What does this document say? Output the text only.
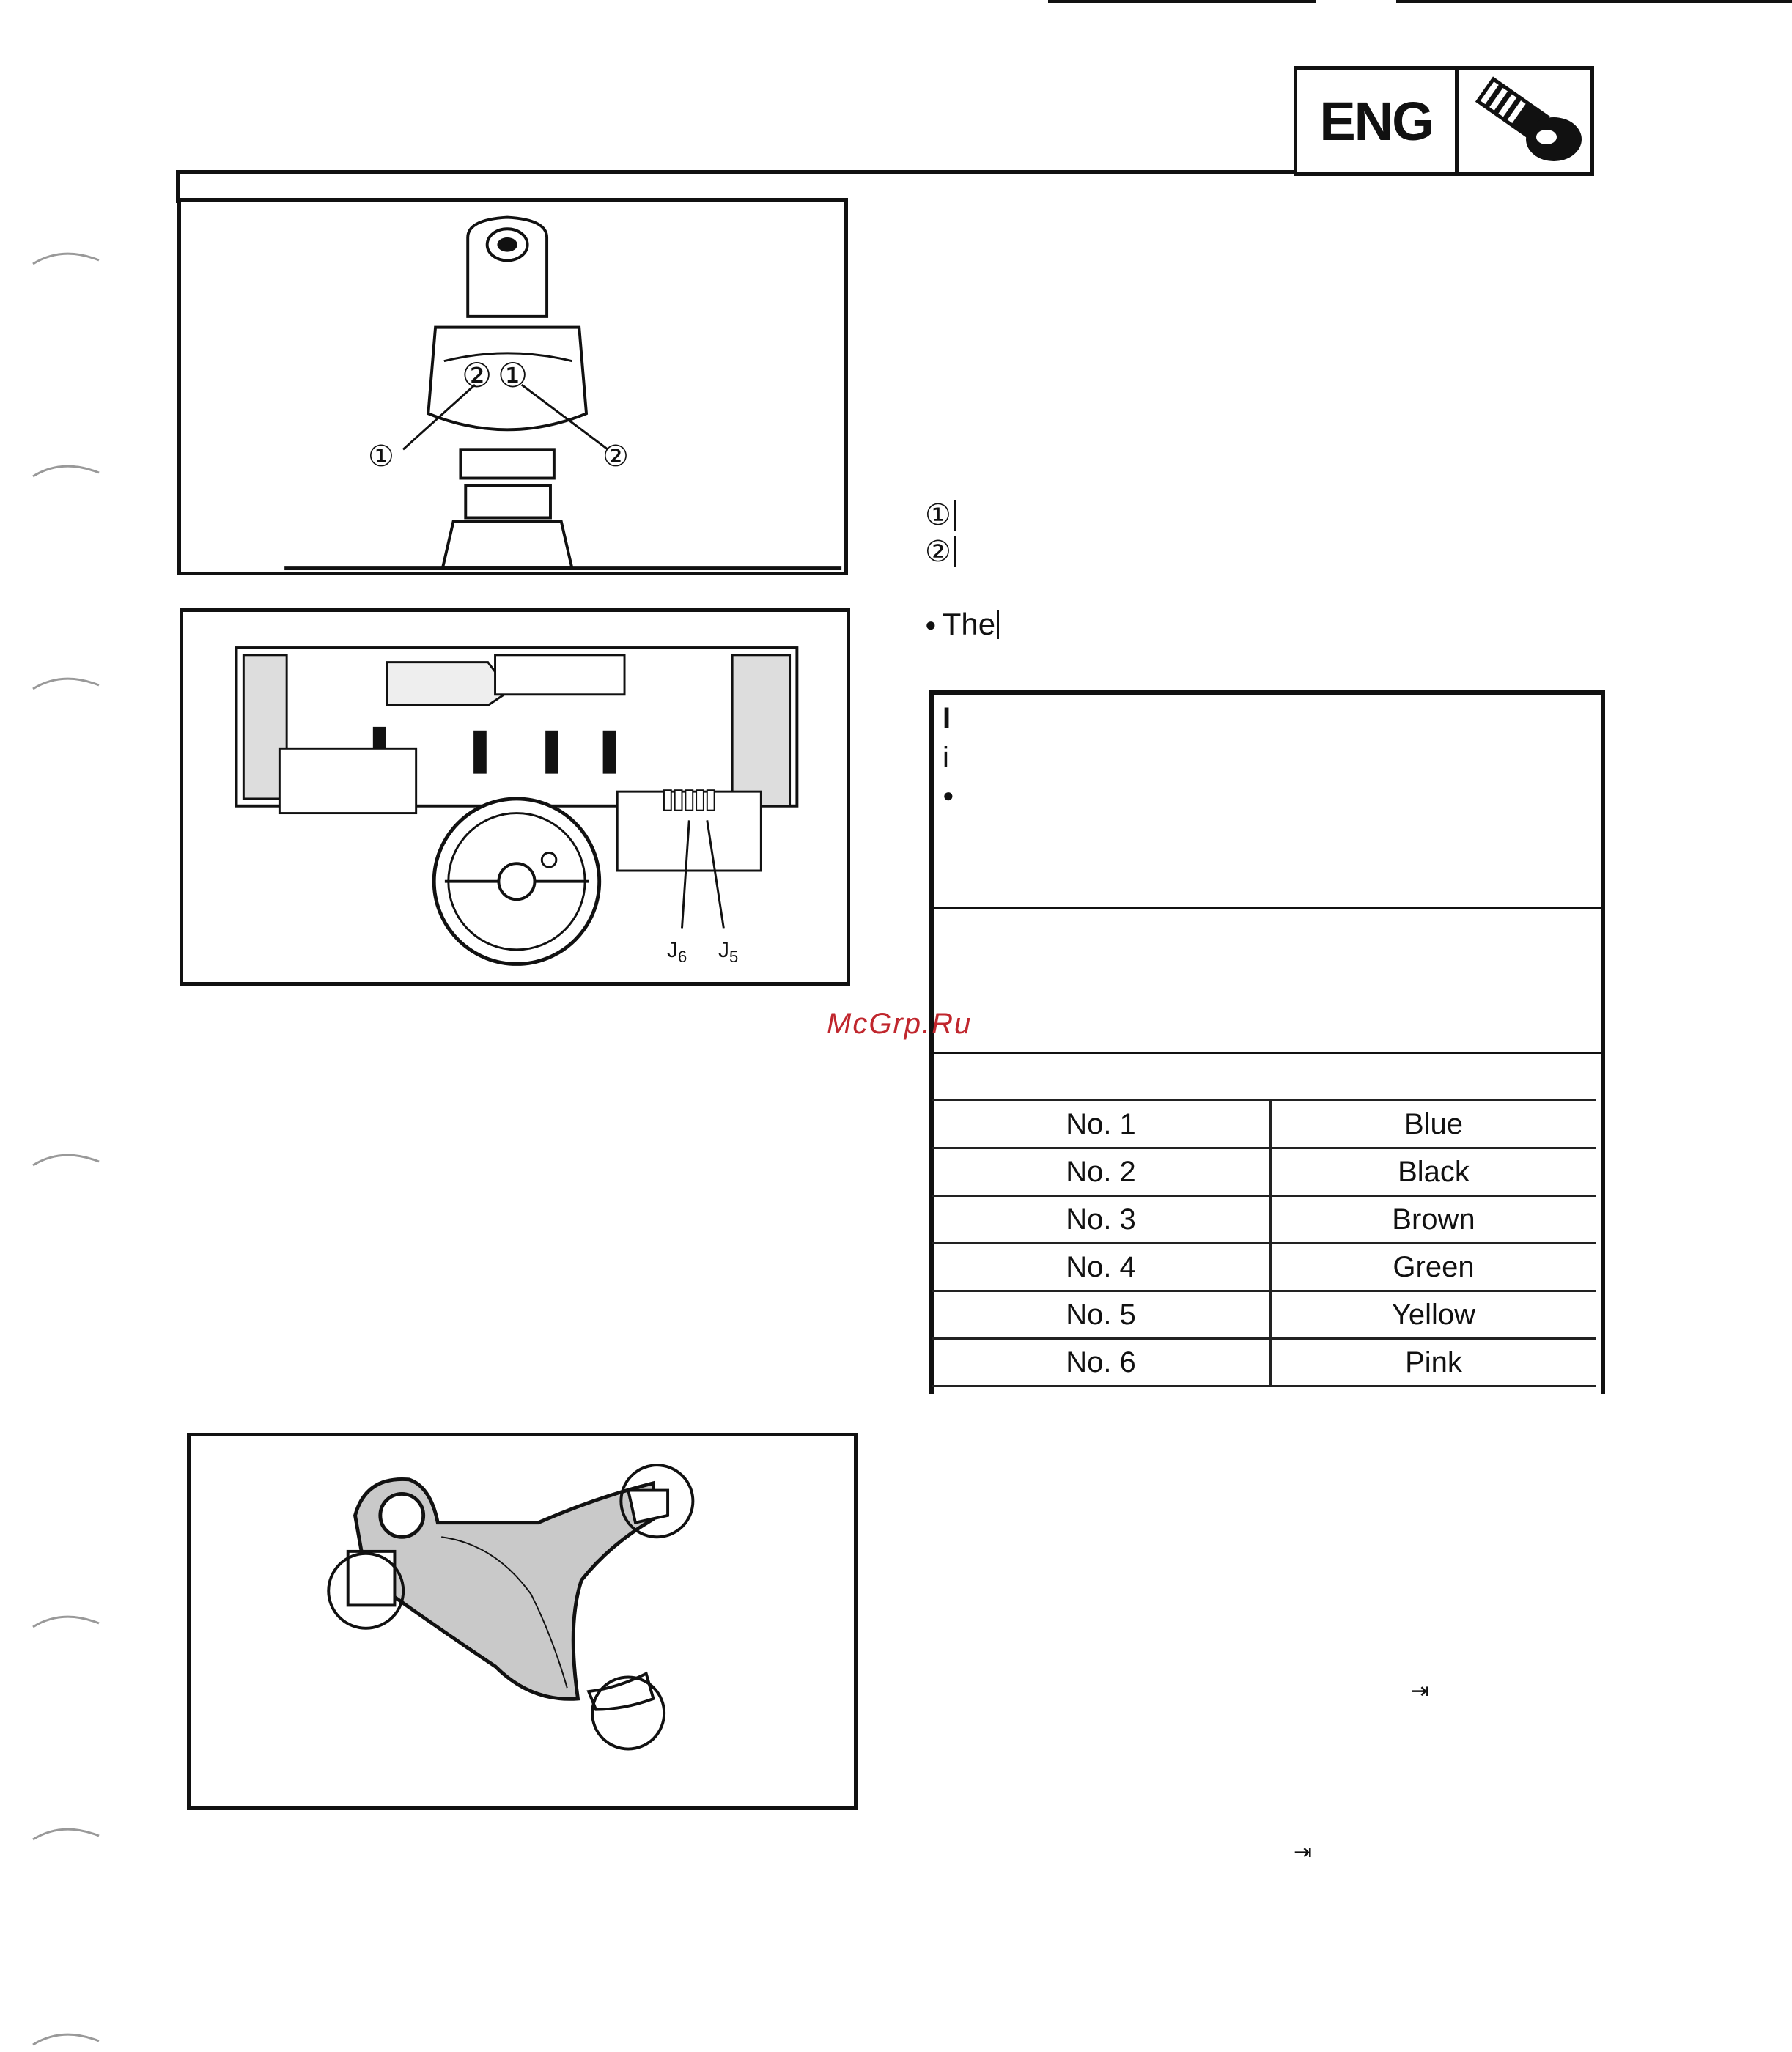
ENG
② ①
①	②
$J_6$ $J_5$
①
②
● The
I
i
●
No. 1	Blue
No. 2	Black
No. 3	Brown
No. 4	Green
No. 5	Yellow
No. 6	Pink
McGrp.Ru
⇥
⇥
